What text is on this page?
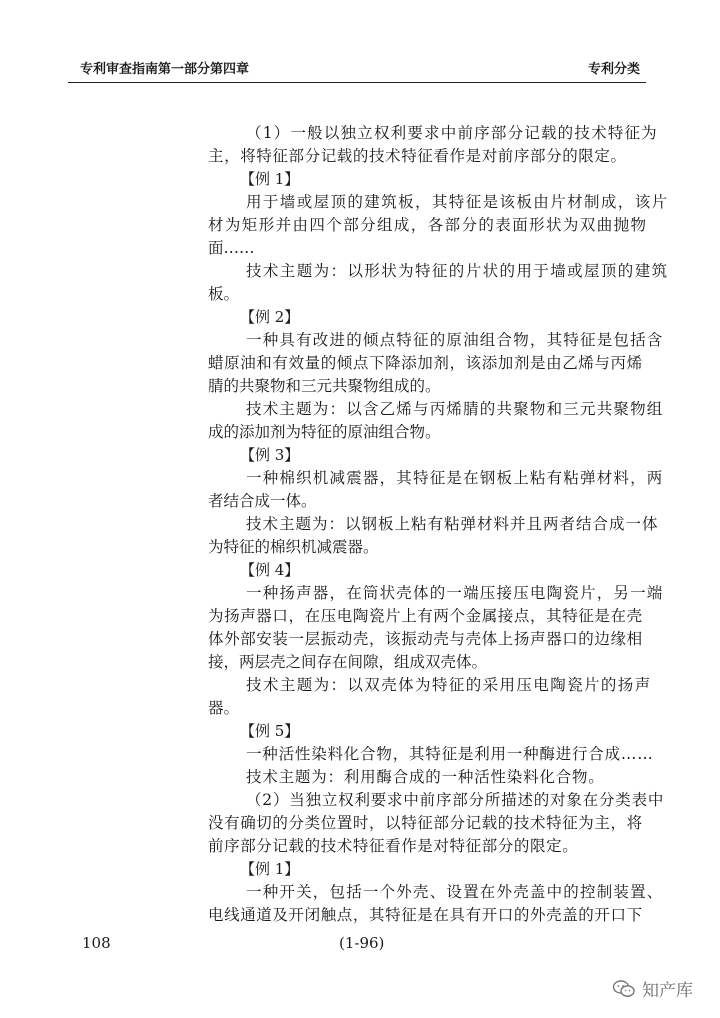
专利审查指南第一部分第四章	专利分类
（1）一般以独立权利要求中前序部分记载的技术特征为
主，将特征部分记载的技术特征看作是对前序部分的限定。
【例 1】
用于墙或屋顶的建筑板，其特征是该板由片材制成，该片
材为矩形并由四个部分组成，各部分的表面形状为双曲抛物
面……
技术主题为：以形状为特征的片状的用于墙或屋顶的建筑
板。
【例 2】
一种具有改进的倾点特征的原油组合物，其特征是包括含
蜡原油和有效量的倾点下降添加剂，该添加剂是由乙烯与丙烯
腈的共聚物和三元共聚物组成的。
技术主题为：以含乙烯与丙烯腈的共聚物和三元共聚物组
成的添加剂为特征的原油组合物。
【例 3】
一种棉织机减震器，其特征是在钢板上粘有粘弹材料，两
者结合成一体。
技术主题为：以钢板上粘有粘弹材料并且两者结合成一体
为特征的棉织机减震器。
【例 4】
一种扬声器，在筒状壳体的一端压接压电陶瓷片，另一端
为扬声器口，在压电陶瓷片上有两个金属接点，其特征是在壳
体外部安装一层振动壳，该振动壳与壳体上扬声器口的边缘相
接，两层壳之间存在间隙，组成双壳体。
技术主题为：以双壳体为特征的采用压电陶瓷片的扬声
器。
【例 5】
一种活性染料化合物，其特征是利用一种酶进行合成……
技术主题为：利用酶合成的一种活性染料化合物。
（2）当独立权利要求中前序部分所描述的对象在分类表中
没有确切的分类位置时，以特征部分记载的技术特征为主，将
前序部分记载的技术特征看作是对特征部分的限定。
【例 1】
一种开关，包括一个外壳、设置在外壳盖中的控制装置、
电线通道及开闭触点，其特征是在具有开口的外壳盖的开口下
108	(1-96)
知产库
